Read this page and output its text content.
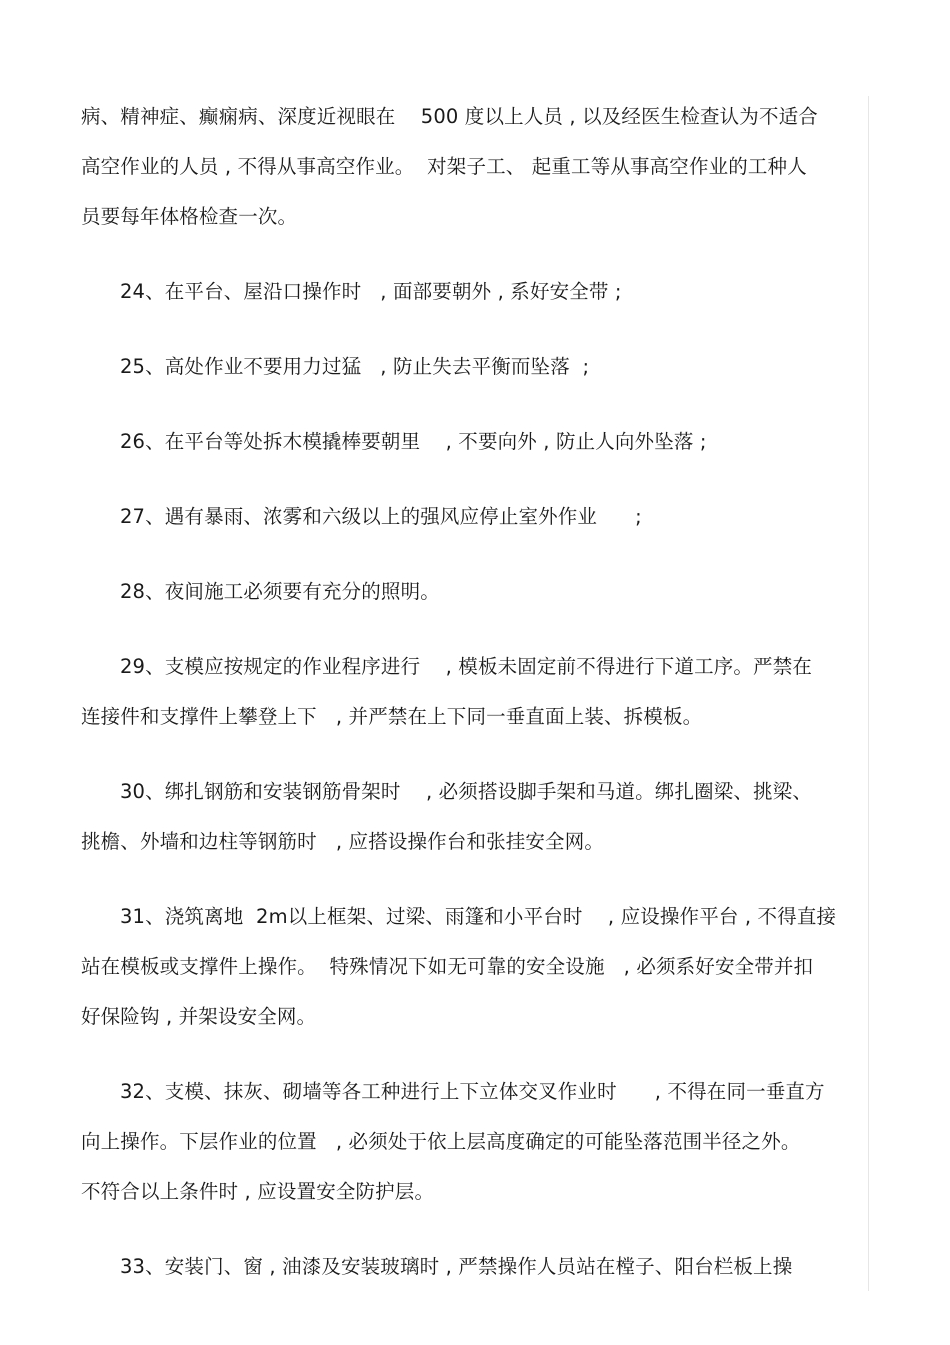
病、精神症、癫痫病、深度近视眼在    500 度以上人员 , 以及经医生检查认为不适合
高空作业的人员 , 不得从事高空作业。  对架子工、 起重工等从事高空作业的工种人
员要每年体格检查一次。
24、在平台、屋沿口操作时   , 面部要朝外 , 系好安全带 ;
25、高处作业不要用力过猛   , 防止失去平衡而坠落  ;
26、在平台等处拆木模撬棒要朝里    , 不要向外 , 防止人向外坠落 ;
27、遇有暴雨、浓雾和六级以上的强风应停止室外作业      ;
28、夜间施工必须要有充分的照明。
29、支模应按规定的作业程序进行    , 模板未固定前不得进行下道工序。严禁在
连接件和支撑件上攀登上下   , 并严禁在上下同一垂直面上装、拆模板。
30、绑扎钢筋和安装钢筋骨架时    , 必须搭设脚手架和马道。绑扎圈梁、挑梁、
挑檐、外墙和边柱等钢筋时   , 应搭设操作台和张挂安全网。
31、浇筑离地  2m以上框架、过梁、雨篷和小平台时    , 应设操作平台 , 不得直接
站在模板或支撑件上操作。  特殊情况下如无可靠的安全设施   , 必须系好安全带并扣
好保险钩 , 并架设安全网。
32、支模、抹灰、砌墙等各工种进行上下立体交叉作业时      , 不得在同一垂直方
向上操作。下层作业的位置   , 必须处于依上层高度确定的可能坠落范围半径之外。
不符合以上条件时 , 应设置安全防护层。
33、安装门、窗 , 油漆及安装玻璃时 , 严禁操作人员站在樘子、阳台栏板上操
